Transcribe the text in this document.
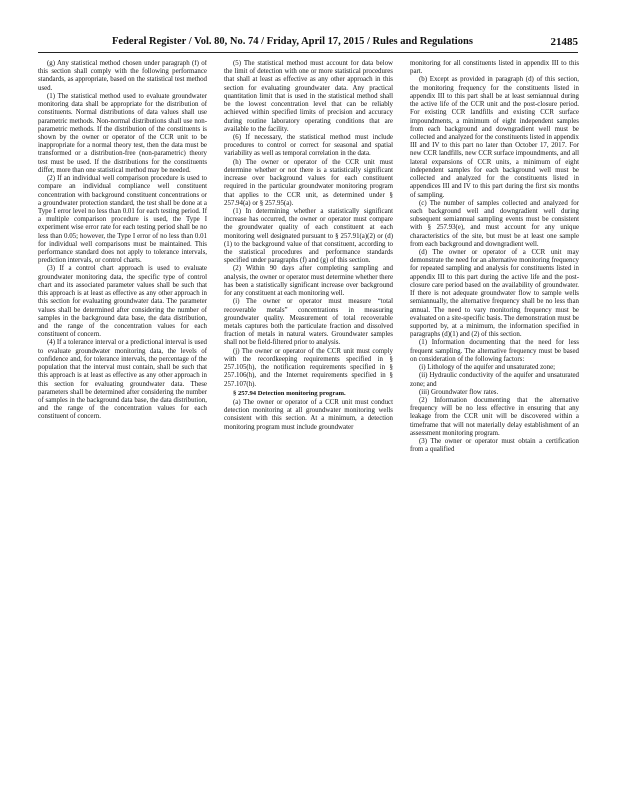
Federal Register / Vol. 80, No. 74 / Friday, April 17, 2015 / Rules and Regulations	21485

(g) Any statistical method chosen under paragraph (f) of this section shall comply with the following performance standards, as appropriate, based on the statistical test method used.

(1) The statistical method used to evaluate groundwater monitoring data shall be appropriate for the distribution of constituents. Normal distributions of data values shall use parametric methods. Non-normal distributions shall use non-parametric methods. If the distribution of the constituents is shown by the owner or operator of the CCR unit to be inappropriate for a normal theory test, then the data must be transformed or a distribution-free (non-parametric) theory test must be used. If the distributions for the constituents differ, more than one statistical method may be needed.

(2) If an individual well comparison procedure is used to compare an individual compliance well constituent concentration with background constituent concentrations or a groundwater protection standard, the test shall be done at a Type I error level no less than 0.01 for each testing period. If a multiple comparison procedure is used, the Type I experiment wise error rate for each testing period shall be no less than 0.05; however, the Type I error of no less than 0.01 for individual well comparisons must be maintained. This performance standard does not apply to tolerance intervals, prediction intervals, or control charts.

(3) If a control chart approach is used to evaluate groundwater monitoring data, the specific type of control chart and its associated parameter values shall be such that this approach is at least as effective as any other approach in this section for evaluating groundwater data. The parameter values shall be determined after considering the number of samples in the background data base, the data distribution, and the range of the concentration values for each constituent of concern.

(4) If a tolerance interval or a predictional interval is used to evaluate groundwater monitoring data, the levels of confidence and, for tolerance intervals, the percentage of the population that the interval must contain, shall be such that this approach is at least as effective as any other approach in this section for evaluating groundwater data. These parameters shall be determined after considering the number of samples in the background data base, the data distribution, and the range of the concentration values for each constituent of concern.

(5) The statistical method must account for data below the limit of detection with one or more statistical procedures that shall at least as effective as any other approach in this section for evaluating groundwater data. Any practical quantitation limit that is used in the statistical method shall be the lowest concentration level that can be reliably achieved within specified limits of precision and accuracy during routine laboratory operating conditions that are available to the facility.

(6) If necessary, the statistical method must include procedures to control or correct for seasonal and spatial variability as well as temporal correlation in the data.

(h) The owner or operator of the CCR unit must determine whether or not there is a statistically significant increase over background values for each constituent required in the particular groundwater monitoring program that applies to the CCR unit, as determined under § 257.94(a) or § 257.95(a).

(1) In determining whether a statistically significant increase has occurred, the owner or operator must compare the groundwater quality of each constituent at each monitoring well designated pursuant to § 257.91(a)(2) or (d)(1) to the background value of that constituent, according to the statistical procedures and performance standards specified under paragraphs (f) and (g) of this section.

(2) Within 90 days after completing sampling and analysis, the owner or operator must determine whether there has been a statistically significant increase over background for any constituent at each monitoring well.

(i) The owner or operator must measure “total recoverable metals” concentrations in measuring groundwater quality. Measurement of total recoverable metals captures both the particulate fraction and dissolved fraction of metals in natural waters. Groundwater samples shall not be field-filtered prior to analysis.

(j) The owner or operator of the CCR unit must comply with the recordkeeping requirements specified in § 257.105(h), the notification requirements specified in § 257.106(h), and the Internet requirements specified in § 257.107(h).

§ 257.94 Detection monitoring program.

(a) The owner or operator of a CCR unit must conduct detection monitoring at all groundwater monitoring wells consistent with this section. At a minimum, a detection monitoring program must include groundwater

monitoring for all constituents listed in appendix III to this part.

(b) Except as provided in paragraph (d) of this section, the monitoring frequency for the constituents listed in appendix III to this part shall be at least semiannual during the active life of the CCR unit and the post-closure period. For existing CCR landfills and existing CCR surface impoundments, a minimum of eight independent samples from each background and downgradient well must be collected and analyzed for the constituents listed in appendix III and IV to this part no later than October 17, 2017. For new CCR landfills, new CCR surface impoundments, and all lateral expansions of CCR units, a minimum of eight independent samples for each background well must be collected and analyzed for the constituents listed in appendices III and IV to this part during the first six months of sampling.

(c) The number of samples collected and analyzed for each background well and downgradient well during subsequent semiannual sampling events must be consistent with § 257.93(e), and must account for any unique characteristics of the site, but must be at least one sample from each background and downgradient well.

(d) The owner or operator of a CCR unit may demonstrate the need for an alternative monitoring frequency for repeated sampling and analysis for constituents listed in appendix III to this part during the active life and the post-closure care period based on the availability of groundwater. If there is not adequate groundwater flow to sample wells semiannually, the alternative frequency shall be no less than annual. The need to vary monitoring frequency must be evaluated on a site-specific basis. The demonstration must be supported by, at a minimum, the information specified in paragraphs (d)(1) and (2) of this section.

(1) Information documenting that the need for less frequent sampling. The alternative frequency must be based on consideration of the following factors:

(i) Lithology of the aquifer and unsaturated zone;

(ii) Hydraulic conductivity of the aquifer and unsaturated zone; and

(iii) Groundwater flow rates.

(2) Information documenting that the alternative frequency will be no less effective in ensuring that any leakage from the CCR unit will be discovered within a timeframe that will not materially delay establishment of an assessment monitoring program.

(3) The owner or operator must obtain a certification from a qualified
